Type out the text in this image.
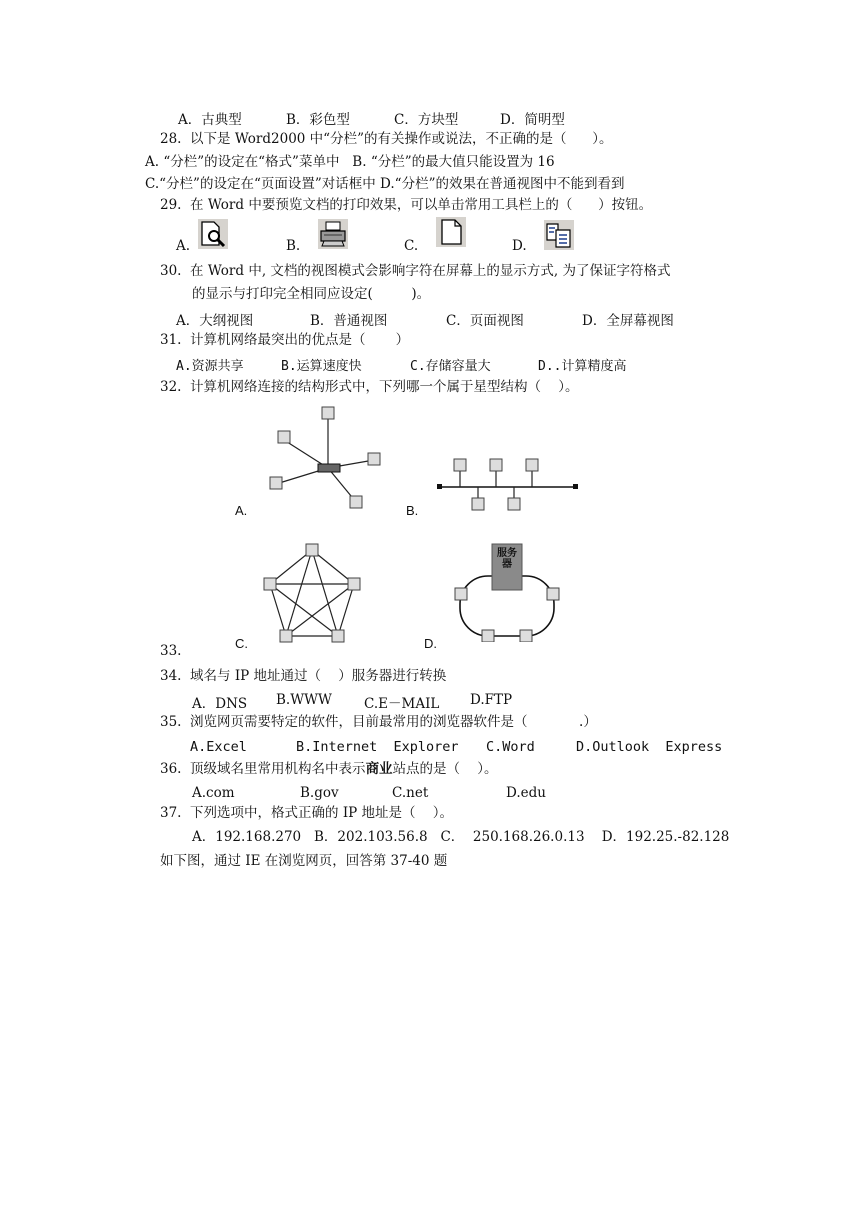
A．古典型	B．彩色型	C．方块型	D．简明型
28.  以下是 Word2000 中“分栏”的有关操作或说法，不正确的是（      ）。
A. “分栏”的设定在“格式”菜单中   B. “分栏”的最大值只能设置为 16
C.“分栏”的设定在“页面设置”对话框中 D.“分栏”的效果在普通视图中不能到看到
29.  在 Word 中要预览文档的打印效果，可以单击常用工具栏上的（      ）按钮。
A.	B.	C.	D.
30.  在 Word 中, 文档的视图模式会影响字符在屏幕上的显示方式, 为了保证字符格式
的显示与打印完全相同应设定(         )。
A．大纲视图	B．普通视图	C．页面视图	D．全屏幕视图
31.  计算机网络最突出的优点是（       ）
A.资源共享	B.运算速度快	C.存储容量大	D..计算精度高
32.  计算机网络连接的结构形式中，下列哪一个属于星型结构（    ）。
A.	B.
C.
服务器
D.
33.
34.  域名与 IP 地址通过（    ）服务器进行转换
A．DNS B.WWW C.E－MAIL D.FTP
35.  浏览网页需要特定的软件，目前最常用的浏览器软件是（            .）
A.Excel	B.Internet  Explorer C.Word	D.Outlook  Express
36.  顶级域名里常用机构名中表示商业站点的是（    ）。
A.com	B.gov	C.net	D.edu
37.  下列选项中，格式正确的 IP 地址是（    ）。
A．192.168.270   B．202.103.56.8   C．  250.168.26.0.13    D．192.25.-82.128
如下图，通过 IE 在浏览网页，回答第 37-40 题
